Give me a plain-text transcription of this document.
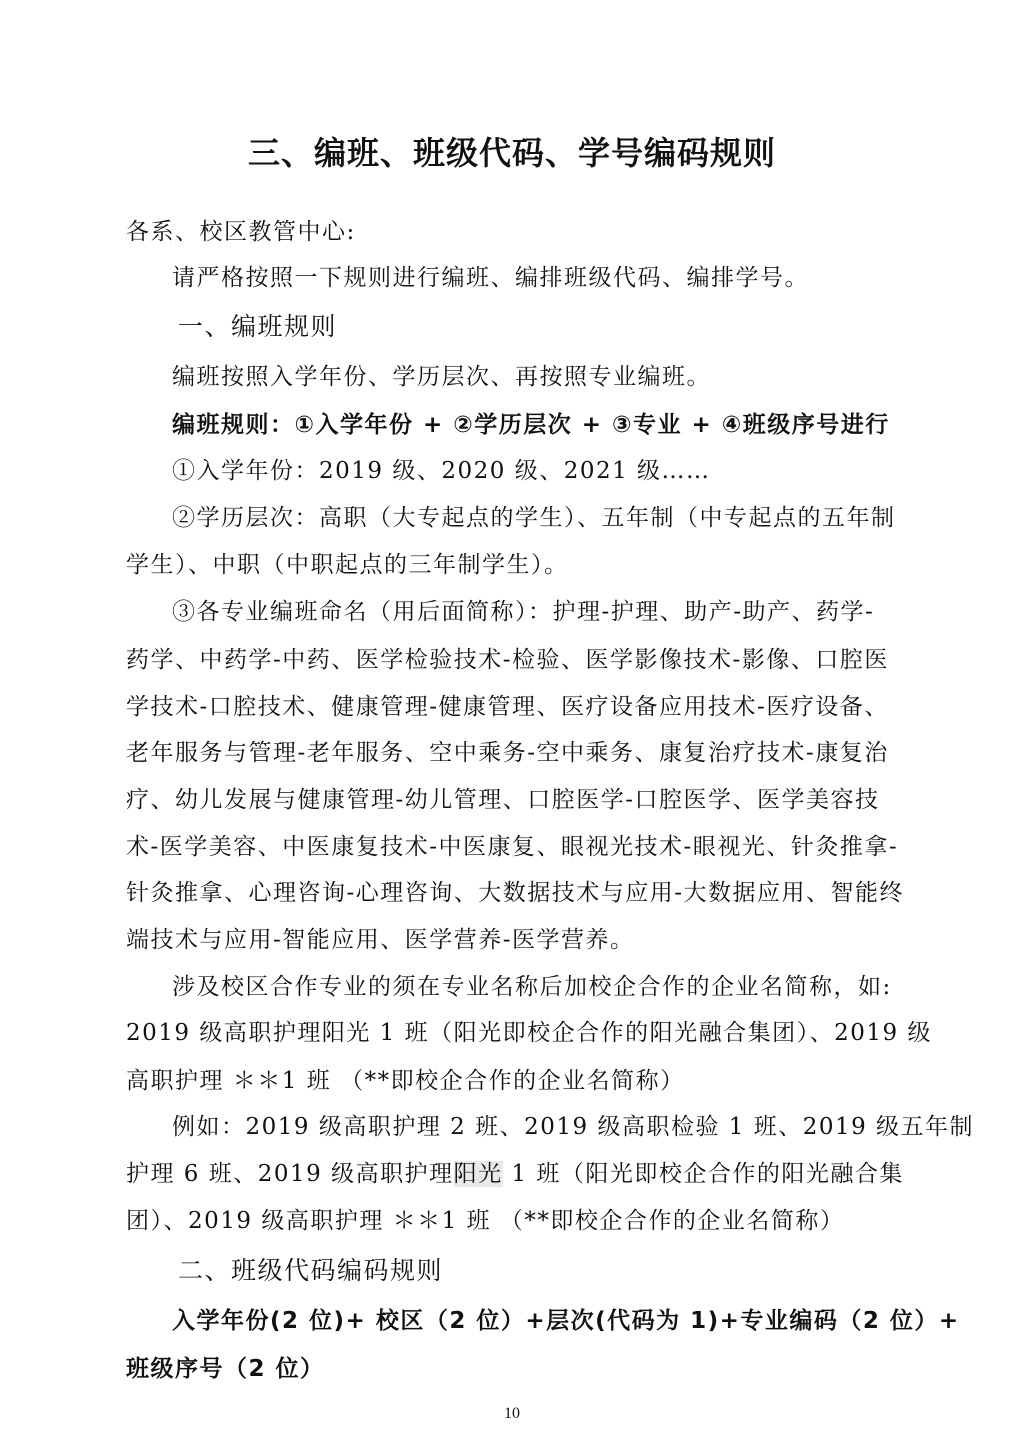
三、编班、班级代码、学号编码规则
各系、校区教管中心:
请严格按照一下规则进行编班、编排班级代码、编排学号。
一、编班规则
编班按照入学年份、学历层次、再按照专业编班。
编班规则：①入学年份 + ②学历层次 + ③专业 + ④班级序号进行
①入学年份：2019 级、2020 级、2021 级……
②学历层次：高职（大专起点的学生）、五年制（中专起点的五年制
学生）、中职（中职起点的三年制学生）。
③各专业编班命名（用后面简称）：护理-护理、助产-助产、药学-
药学、中药学-中药、医学检验技术-检验、医学影像技术-影像、口腔医
学技术-口腔技术、健康管理-健康管理、医疗设备应用技术-医疗设备、
老年服务与管理-老年服务、空中乘务-空中乘务、康复治疗技术-康复治
疗、幼儿发展与健康管理-幼儿管理、口腔医学-口腔医学、医学美容技
术-医学美容、中医康复技术-中医康复、眼视光技术-眼视光、针灸推拿-
针灸推拿、心理咨询-心理咨询、大数据技术与应用-大数据应用、智能终
端技术与应用-智能应用、医学营养-医学营养。
涉及校区合作专业的须在专业名称后加校企合作的企业名简称，如:
2019 级高职护理阳光 1 班（阳光即校企合作的阳光融合集团）、2019 级
高职护理 ＊＊1 班 （**即校企合作的企业名简称）
例如：2019 级高职护理 2 班、2019 级高职检验 1 班、2019 级五年制
护理 6 班、2019 级高职护理阳光 1 班（阳光即校企合作的阳光融合集
团）、2019 级高职护理 ＊＊1 班 （**即校企合作的企业名简称）
二、班级代码编码规则
入学年份(2 位)+ 校区（2 位）+层次(代码为 1)+专业编码（2 位）+
班级序号（2 位）
10
